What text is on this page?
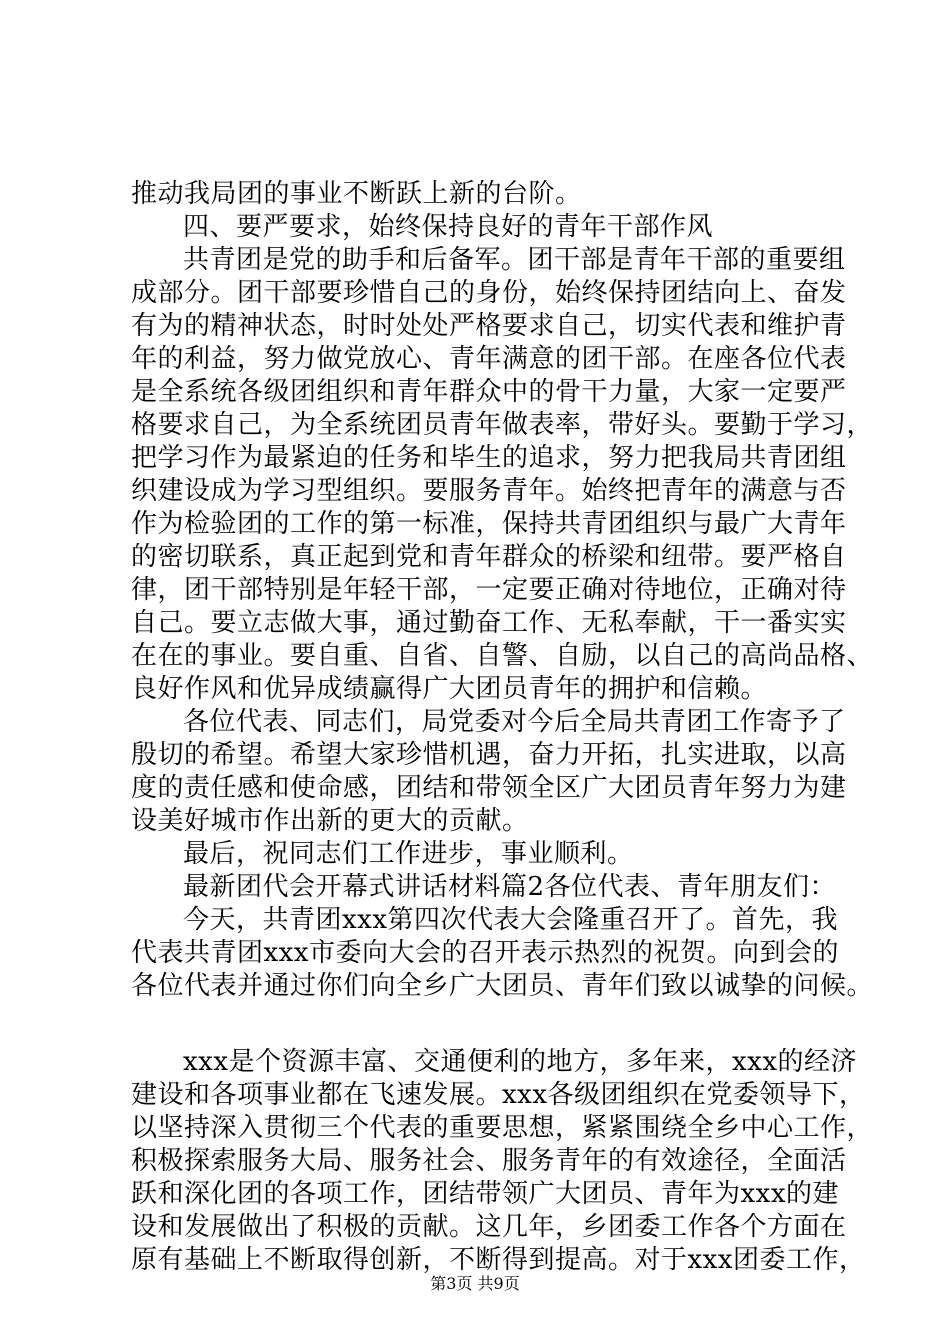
推动我局团的事业不断跃上新的台阶。
四、要严要求，始终保持良好的青年干部作风
共青团是党的助手和后备军。团干部是青年干部的重要组
成部分。团干部要珍惜自己的身份，始终保持团结向上、奋发
有为的精神状态，时时处处严格要求自己，切实代表和维护青
年的利益，努力做党放心、青年满意的团干部。在座各位代表
是全系统各级团组织和青年群众中的骨干力量，大家一定要严
格要求自己，为全系统团员青年做表率，带好头。要勤于学习，
把学习作为最紧迫的任务和毕生的追求，努力把我局共青团组
织建设成为学习型组织。要服务青年。始终把青年的满意与否
作为检验团的工作的第一标准，保持共青团组织与最广大青年
的密切联系，真正起到党和青年群众的桥梁和纽带。要严格自
律，团干部特别是年轻干部，一定要正确对待地位，正确对待
自己。要立志做大事，通过勤奋工作、无私奉献，干一番实实
在在的事业。要自重、自省、自警、自励，以自己的高尚品格、
良好作风和优异成绩赢得广大团员青年的拥护和信赖。
各位代表、同志们，局党委对今后全局共青团工作寄予了
殷切的希望。希望大家珍惜机遇，奋力开拓，扎实进取，以高
度的责任感和使命感，团结和带领全区广大团员青年努力为建
设美好城市作出新的更大的贡献。
最后，祝同志们工作进步，事业顺利。
最新团代会开幕式讲话材料篇2各位代表、青年朋友们：
今天，共青团xxx第四次代表大会隆重召开了。首先，我
代表共青团xxx市委向大会的召开表示热烈的祝贺。向到会的
各位代表并通过你们向全乡广大团员、青年们致以诚挚的问候。
xxx是个资源丰富、交通便利的地方，多年来，xxx的经济
建设和各项事业都在飞速发展。xxx各级团组织在党委领导下，
以坚持深入贯彻三个代表的重要思想，紧紧围绕全乡中心工作，
积极探索服务大局、服务社会、服务青年的有效途径，全面活
跃和深化团的各项工作，团结带领广大团员、青年为xxx的建
设和发展做出了积极的贡献。这几年，乡团委工作各个方面在
原有基础上不断取得创新，不断得到提高。对于xxx团委工作，
第3页 共9页
